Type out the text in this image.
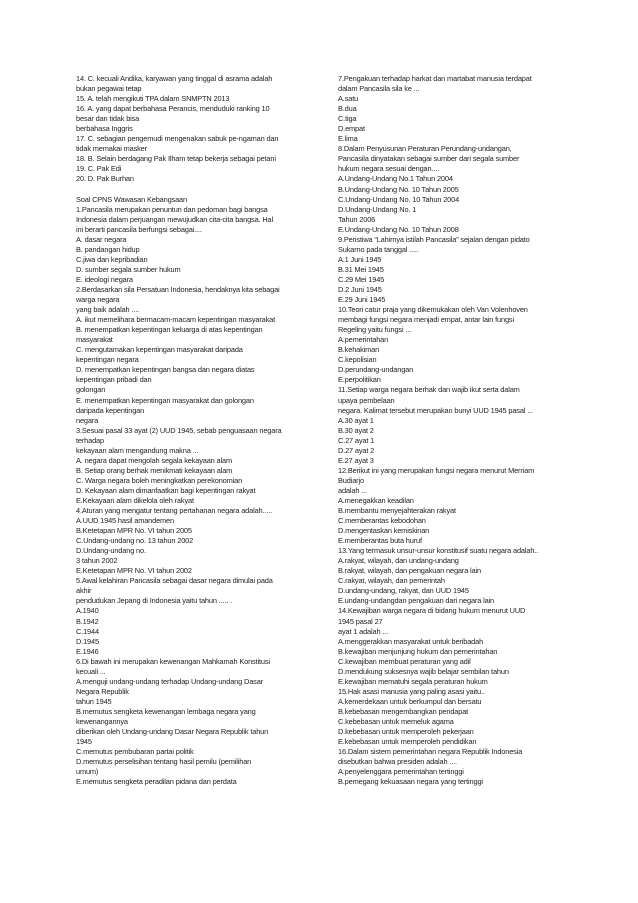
14. C. kecuali Andika, karyawan yang tinggal di asrama adalah
bukan pegawai tetap
15. A. telah mengikuti TPA dalam SNMPTN 2013
16. A. yang dapat berbahasa Perancis, menduduki ranking 10
besar dan tidak bisa
berbahasa Inggris
17. C. sebagian pengemudi mengenakan sabuk pe-ngaman dan
tidak memakai masker
18. B. Selain berdagang Pak Ilham tetap bekerja sebagai petani
19. C. Pak Edi
20. D. Pak Burhan
Soal CPNS Wawasan Kebangsaan
1.Pancasila merupakan penuntun dan pedoman bagi bangsa
Indonesia dalam perjuangan mewujudkan cita-cita bangsa. Hal
ini berarti pancasila berfungsi sebagai....
A. dasar negara
B. pandangan hidup
C.jiwa dan kepribadian
D. sumber segala sumber hukum
E. ideologi negara
2.Berdasarkan sila Persatuan Indonesia, hendaknya kita sebagai
warga negara
yang baik adalah ....
A. ikut memelihara bermacam-macam kepentingan masyarakat
B. menempatkan kepentingan keluarga di atas kepentingan
masyarakat
C. mengutamakan kepentingan masyarakat daripada
kepentingan negara
D. menempatkan kepentingan bangsa dan negara diatas
kepentingan pribadi dan
golongan
E. menempatkan kepentingan masyarakat dan golongan
daripada kepentingan
negara
3.Sesuai pasal 33 ayat (2) UUD 1945, sebab penguasaan negara
terhadap
kekayaan alam mengandung makna ...
A. negara dapat mengolah segala kekayaan alam
B. Setiap orang berhak menikmati kekayaan alam
C. Warga negara boleh meningkatkan perekonomian
D. Kekayaan alam dimanfaatkan bagi kepentingan rakyat
E.Kekayaan alam dikelola oleh rakyat
4.Aturan yang mengatur tentang pertahanan negara adalah.....
A.UUD 1945 hasil amandemen
B.Ketetapan MPR No. VI tahun 2005
C.Undang-undang no. 13 tahun 2002
D.Undang-undang no.
3 tahun 2002
E.Ketetapan MPR No. VI tahun 2002
5.Awal kelahiran Pancasila sebagai dasar negara dimulai pada
akhir
pendudukan Jepang di Indonesia yaitu tahun ..... .
A.1940
B.1942
C.1944
D.1945
E.1946
6.Di bawah ini merupakan kewenangan Mahkamah Konstitusi
kecuali ...
A.menguji undang-undang terhadap Undang-undang Dasar
Negara Republik
tahun 1945
B.memutus sengketa kewenangan lembaga negara yang
kewenangannya
diberikan oleh Undang-undang Dasar Negara Republik tahun
1945
C.memutus pembubaran partai politik
D.memutus perselisihan tentang hasil pemilu (pemilihan
umum)
E.memutus sengketa peradilan pidana dan perdata
7.Pengakuan terhadap harkat dan martabat manusia terdapat
dalam Pancasila sila ke ...
A.satu
B.dua
C.tiga
D.empat
E.lima
8.Dalam Penyusunan Peraturan Perundang-undangan,
Pancasila dinyatakan sebagai sumber dari segala sumber
hukum negara sesuai dengan....
A.Undang-Undang No.1 Tahun 2004
B.Undang-Undang No. 10 Tahun 2005
C.Undang-Undang No. 10 Tahun 2004
D.Undang-Undang No. 1
Tahun 2006
E.Undang-Undang No. 10 Tahun 2008
9.Peristiwa “Lahirnya istilah Pancasila” sejalan dengan pidato
Sukarno pada tanggal .....
A.1 Juni 1945
B.31 Mei 1945
C.29 Mei 1945
D.2 Juni 1945
E.29 Juni 1945
10.Teori catur praja yang dikemukakan oleh Van Volenhoven
membagi fungsi negara menjadi empat, antar lain fungsi
Regeling yaitu fungsi ...
A.pemerintahan
B.kehakiman
C.kepolisian
D.perundang-undangan
E.perpolitikan
11.Setiap warga negara berhak dan wajib ikut serta dalam
upaya pembelaan
negara. Kalimat tersebut merupakan bunyi UUD 1945 pasal ...
A.30 ayat 1
B.30 ayat 2
C.27 ayat 1
D.27 ayat 2
E.27 ayat 3
12.Berikut ini yang merupakan fungsi negara menurut Merriam
Budiarjo
adalah ...
A.menegakkan keadilan
B.membantu menyejahterakan rakyat
C.memberantas kebodohan
D.mengentaskan kemiskinan
E.memberantas buta huruf
13.Yang termasuk unsur-unsur konstitusif suatu negara adalah..
A.rakyat, wilayah, dan undang-undang
B.rakyat, wilayah, dan pengakuan negara lain
C.rakyat, wilayah, dan pemerintah
D.undang-undang, rakyat, dan UUD 1945
E.undang-undangdan pengakuan dari negara lain
14.Kewajiban warga negara di bidang hukum menurut UUD
1945 pasal 27
ayat 1 adalah ...
A.menggerakkan masyarakat untuk beribadah
B.kewajiban menjunjung hukum dan pemerintahan
C.kewajiban membuat peraturan yang adil
D.mendukung suksesnya wajib belajar sembilan tahun
E.kewajiban mematuhi segala peraturan hukum
15.Hak asasi manusia yang paling asasi yaitu..
A.kemerdekaan untuk berkumpul dan bersatu
B.kebebasan mengembangkan pendapat
C.kebebasan untuk memeluk agama
D.kebebasan untuk memperoleh pekerjaan
E.kebebasan untuk memperoleh pendidikan
16.Dalam sistem pemerintahan negara Republik Indonesia
disebutkan bahwa presiden adalah ....
A.penyelenggara pemerintahan tertinggi
B.pemegang kekuasaan negara yang tertinggi
